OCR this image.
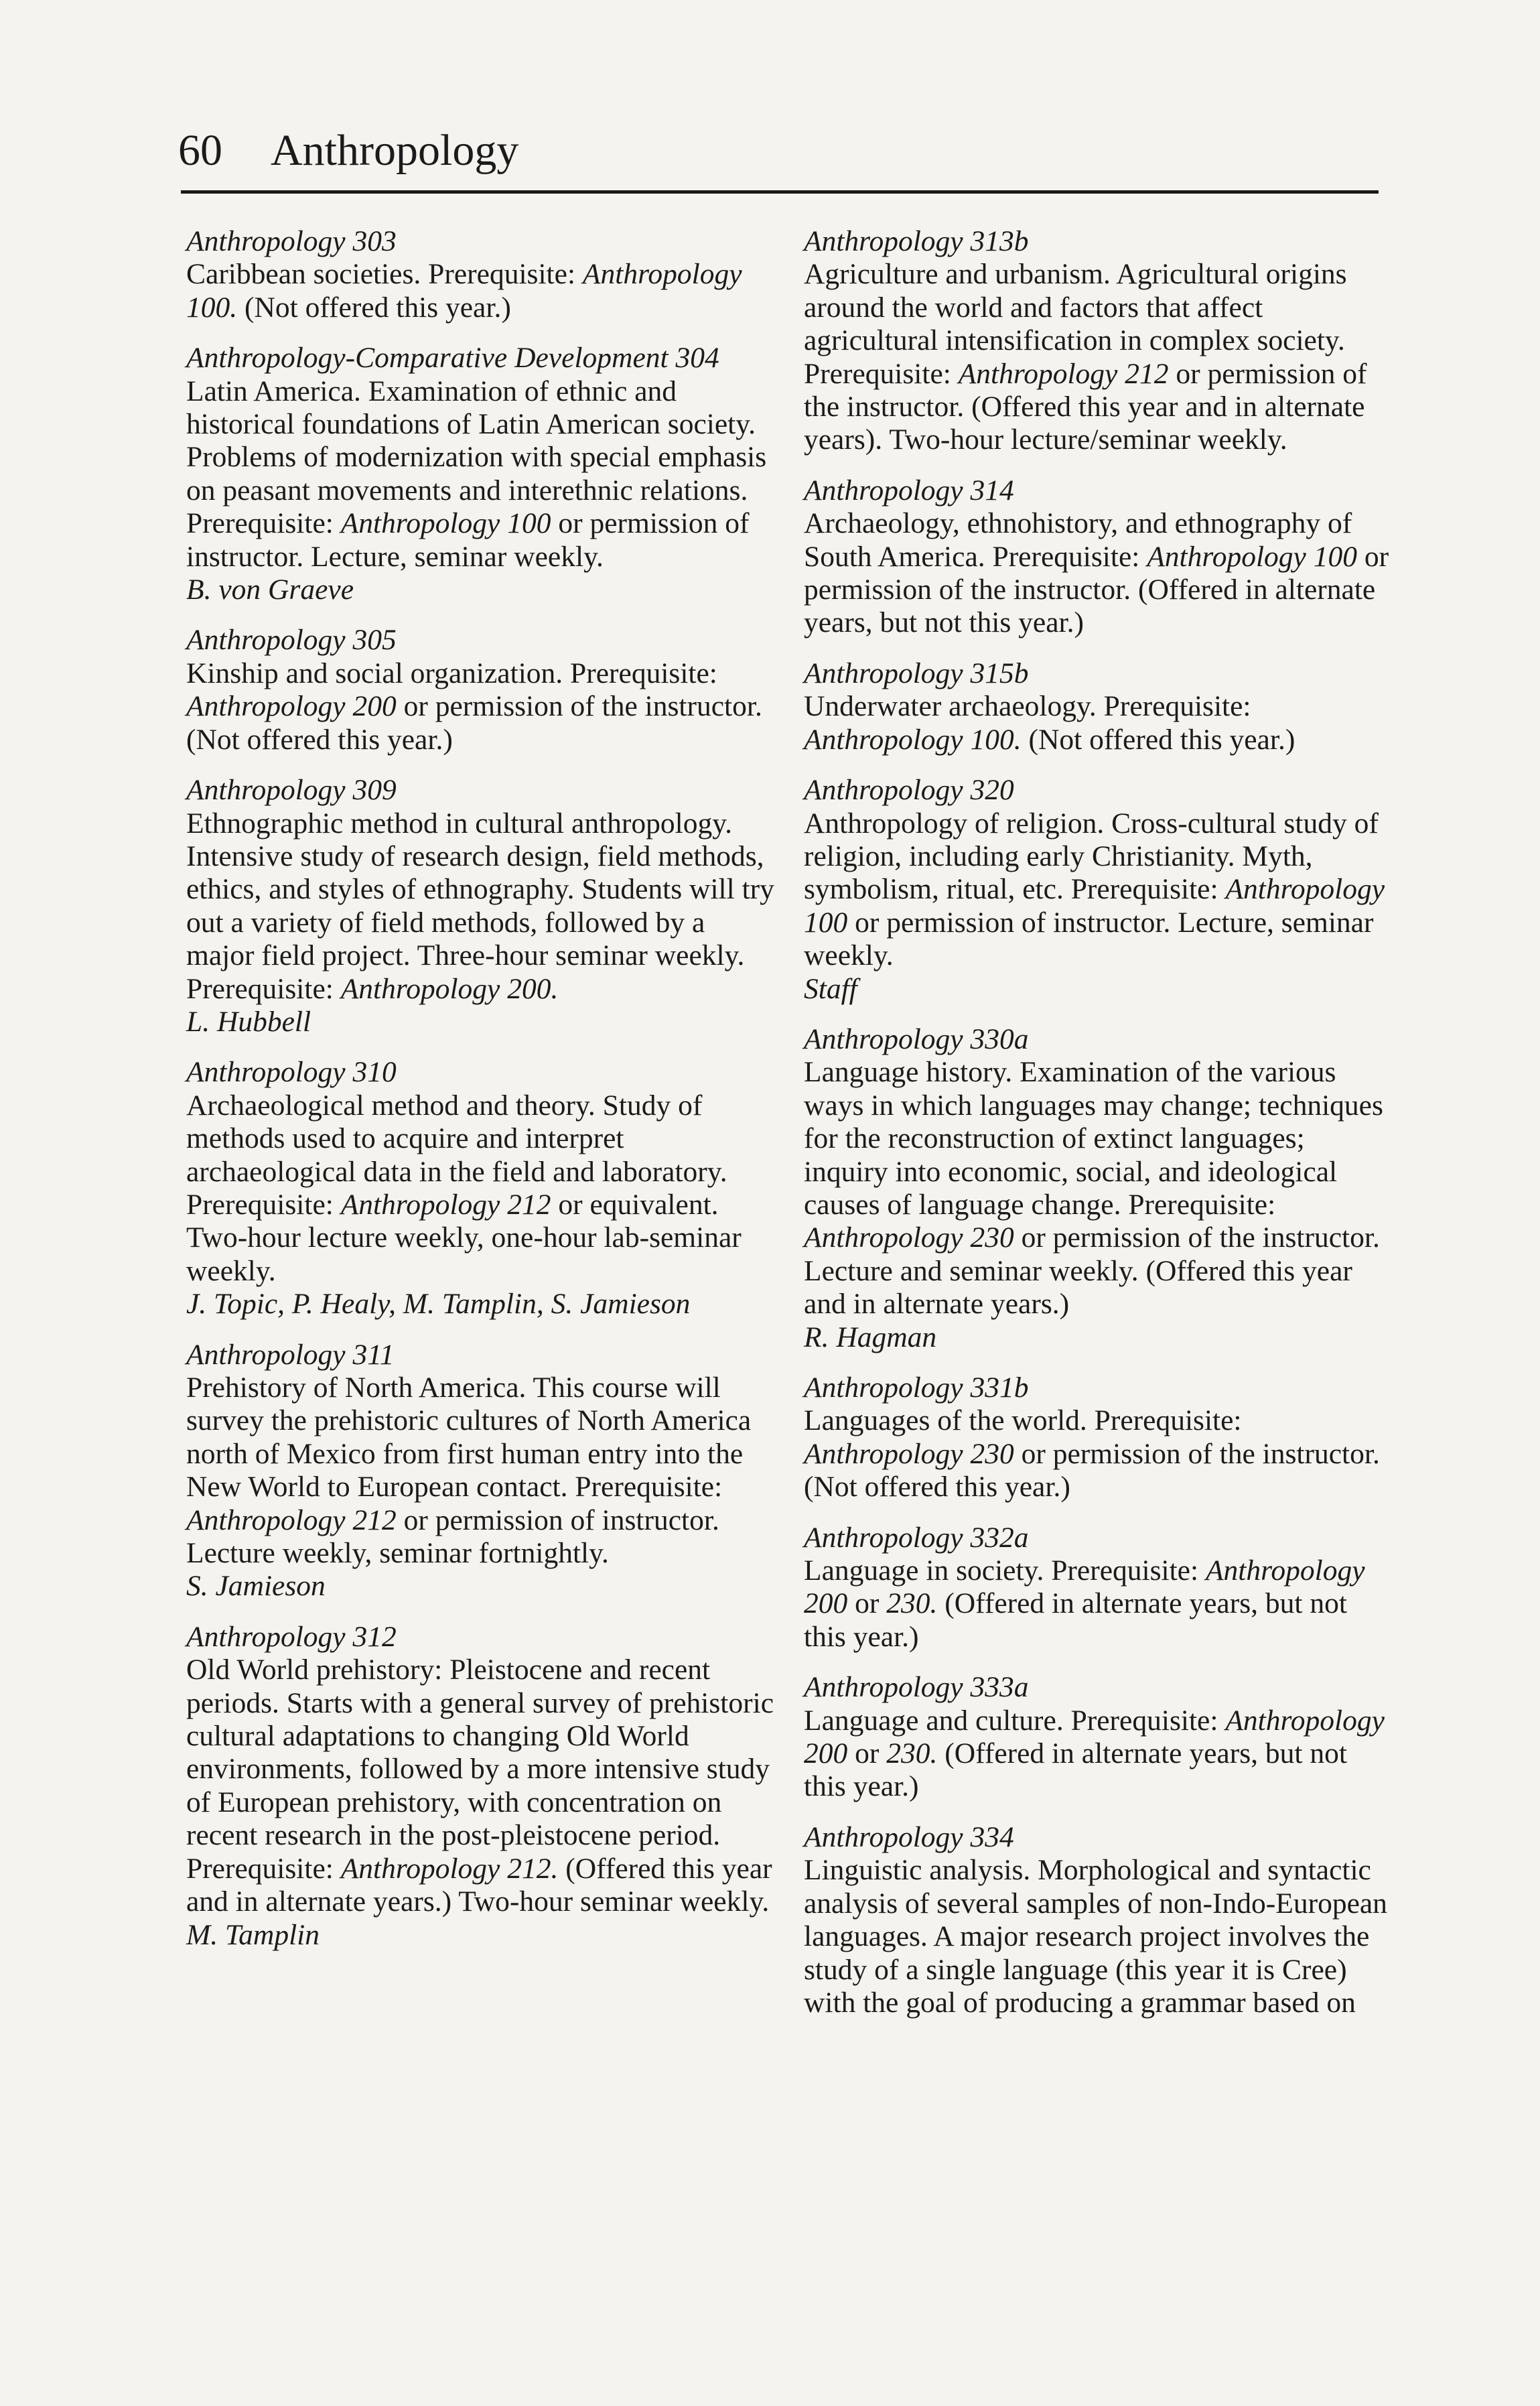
60 Anthropology

Anthropology 303

Caribbean societies. Prerequisite: Anthropology 100. (Not offered this year.)

Anthropology-Comparative Development 304

Latin America. Examination of ethnic and historical foundations of Latin American society. Problems of modernization with special emphasis on peasant movements and interethnic relations. Prerequisite: Anthropology 100 or permission of instructor. Lecture, seminar weekly.

B. von Graeve

Anthropology 305

Kinship and social organization. Prerequisite: Anthropology 200 or permission of the instructor. (Not offered this year.)

Anthropology 309

Ethnographic method in cultural anthropology. Intensive study of research design, field methods, ethics, and styles of ethnography. Students will try out a variety of field methods, followed by a major field project. Three-hour seminar weekly. Prerequisite: Anthropology 200.

L. Hubbell

Anthropology 310

Archaeological method and theory. Study of methods used to acquire and interpret archaeological data in the field and laboratory. Prerequisite: Anthropology 212 or equivalent. Two-hour lecture weekly, one-hour lab-seminar weekly.

J. Topic, P. Healy, M. Tamplin, S. Jamieson

Anthropology 311

Prehistory of North America. This course will survey the prehistoric cultures of North America north of Mexico from first human entry into the New World to European contact. Prerequisite: Anthropology 212 or permission of instructor. Lecture weekly, seminar fortnightly.

S. Jamieson

Anthropology 312

Old World prehistory: Pleistocene and recent periods. Starts with a general survey of prehistoric cultural adaptations to changing Old World environments, followed by a more intensive study of European prehistory, with concentration on recent research in the post-pleistocene period. Prerequisite: Anthropology 212. (Offered this year and in alternate years.) Two-hour seminar weekly.

M. Tamplin

Anthropology 313b

Agriculture and urbanism. Agricultural origins around the world and factors that affect agricultural intensification in complex society. Prerequisite: Anthropology 212 or permission of the instructor. (Offered this year and in alternate years). Two-hour lecture/seminar weekly.

Anthropology 314

Archaeology, ethnohistory, and ethnography of South America. Prerequisite: Anthropology 100 or permission of the instructor. (Offered in alternate years, but not this year.)

Anthropology 315b

Underwater archaeology. Prerequisite: Anthropology 100. (Not offered this year.)

Anthropology 320

Anthropology of religion. Cross-cultural study of religion, including early Christianity. Myth, symbolism, ritual, etc. Prerequisite: Anthropology 100 or permission of instructor. Lecture, seminar weekly.

Staff

Anthropology 330a

Language history. Examination of the various ways in which languages may change; techniques for the reconstruction of extinct languages; inquiry into economic, social, and ideological causes of language change. Prerequisite: Anthropology 230 or permission of the instructor. Lecture and seminar weekly. (Offered this year and in alternate years.)

R. Hagman

Anthropology 331b

Languages of the world. Prerequisite: Anthropology 230 or permission of the instructor. (Not offered this year.)

Anthropology 332a

Language in society. Prerequisite: Anthropology 200 or 230. (Offered in alternate years, but not this year.)

Anthropology 333a

Language and culture. Prerequisite: Anthropology 200 or 230. (Offered in alternate years, but not this year.)

Anthropology 334

Linguistic analysis. Morphological and syntactic analysis of several samples of non-Indo-European languages. A major research project involves the study of a single language (this year it is Cree) with the goal of producing a grammar based on
